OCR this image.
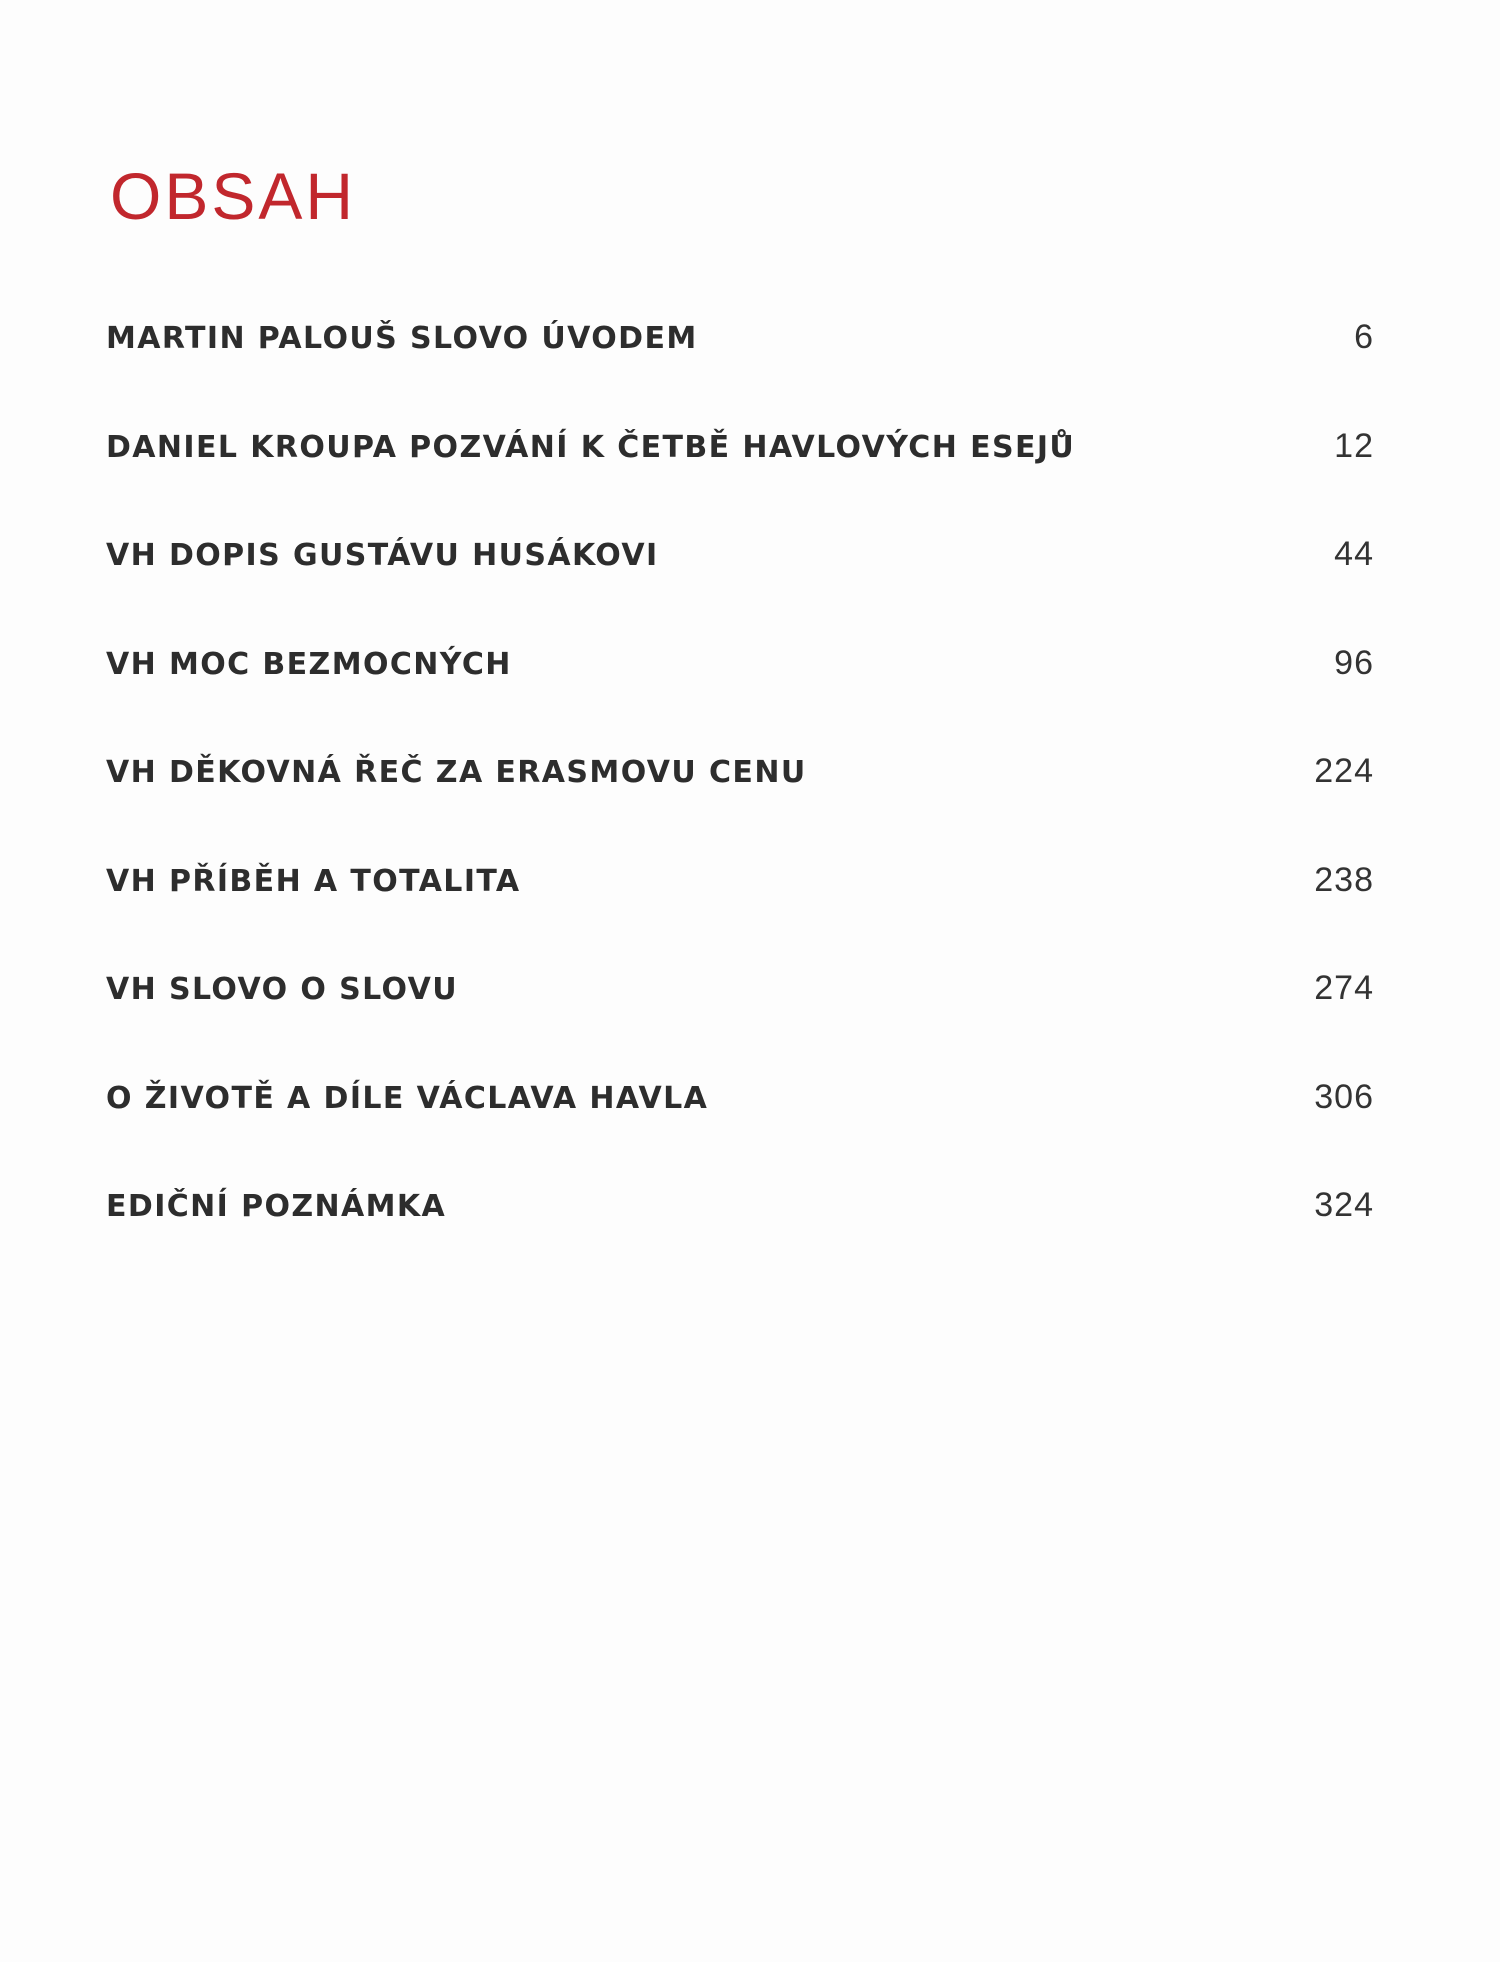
OBSAH
MARTIN PALOUŠ SLOVO ÚVODEM	6
DANIEL KROUPA POZVÁNÍ K ČETBĚ HAVLOVÝCH ESEJŮ	12
VH DOPIS GUSTÁVU HUSÁKOVI	44
VH MOC BEZMOCNÝCH	96
VH DĚKOVNÁ ŘEČ ZA ERASMOVU CENU	224
VH PŘÍBĚH A TOTALITA	238
VH SLOVO O SLOVU	274
O ŽIVOTĚ A DÍLE VÁCLAVA HAVLA	306
EDIČNÍ POZNÁMKA	324
